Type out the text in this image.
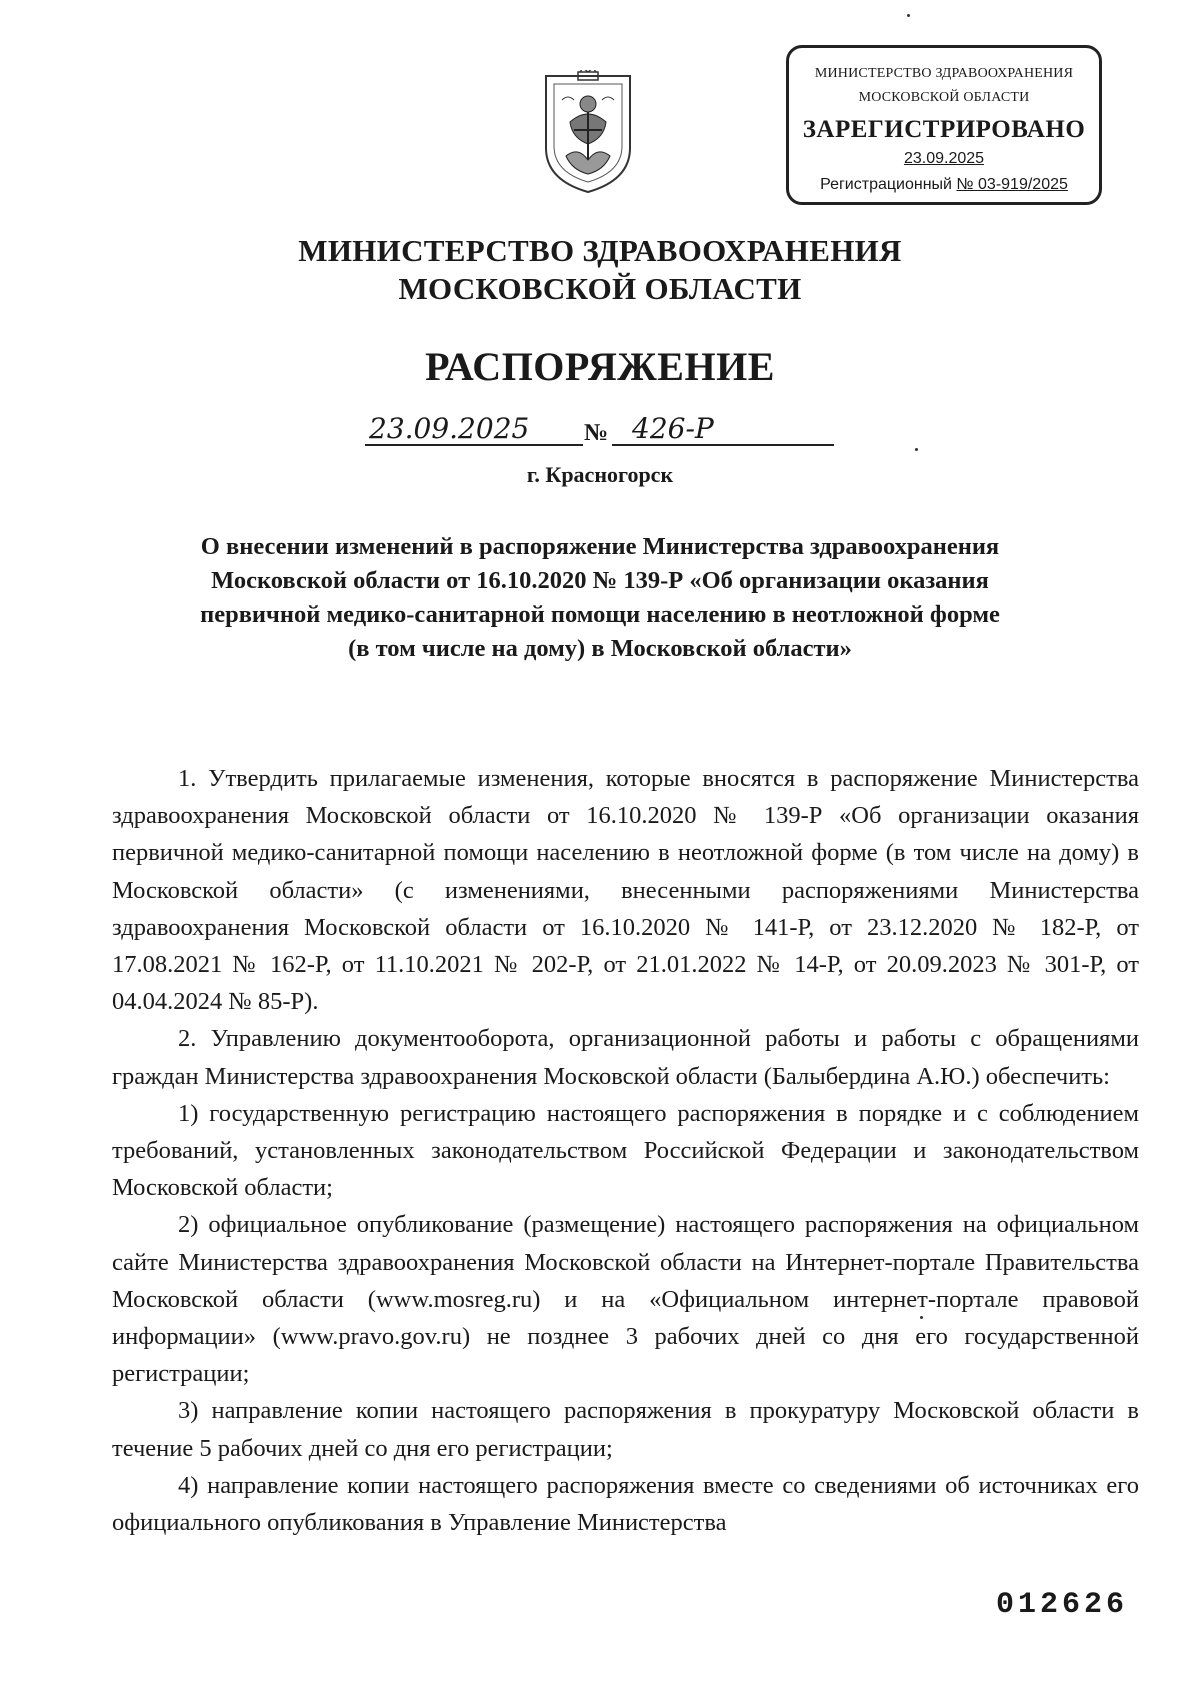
МИНИСТЕРСТВО ЗДРАВООХРАНЕНИЯ
МОСКОВСКОЙ ОБЛАСТИ
ЗАРЕГИСТРИРОВАНО
23.09.2025
Регистрационный № 03-919/2025
МИНИСТЕРСТВО ЗДРАВООХРАНЕНИЯ
МОСКОВСКОЙ ОБЛАСТИ
РАСПОРЯЖЕНИЕ
23.09.2025	№ 426-Р
г. Красногорск
О внесении изменений в распоряжение Министерства здравоохранения
Московской области от 16.10.2020 № 139-Р «Об организации оказания
первичной медико-санитарной помощи населению в неотложной форме
(в том числе на дому) в Московской области»

1. Утвердить прилагаемые изменения, которые вносятся в распоряжение Министерства здравоохранения Московской области от 16.10.2020 № 139-Р «Об организации оказания первичной медико-санитарной помощи населению в неотложной форме (в том числе на дому) в Московской области» (с изменениями, внесенными распоряжениями Министерства здравоохранения Московской области от 16.10.2020 № 141-Р, от 23.12.2020 № 182-Р, от 17.08.2021 № 162-Р, от 11.10.2021 № 202-Р, от 21.01.2022 № 14-Р, от 20.09.2023 № 301-Р, от 04.04.2024 № 85-Р).

2. Управлению документооборота, организационной работы и работы с обращениями граждан Министерства здравоохранения Московской области (Балыбердина А.Ю.) обеспечить:

1) государственную регистрацию настоящего распоряжения в порядке и с соблюдением требований, установленных законодательством Российской Федерации и законодательством Московской области;

2) официальное опубликование (размещение) настоящего распоряжения на официальном сайте Министерства здравоохранения Московской области на Интернет-портале Правительства Московской области (www.mosreg.ru) и на «Официальном интернет-портале правовой информации» (www.pravo.gov.ru) не позднее 3 рабочих дней со дня его государственной регистрации;

3) направление копии настоящего распоряжения в прокуратуру Московской области в течение 5 рабочих дней со дня его регистрации;

4) направление копии настоящего распоряжения вместе со сведениями об источниках его официального опубликования в Управление Министерства

012626
